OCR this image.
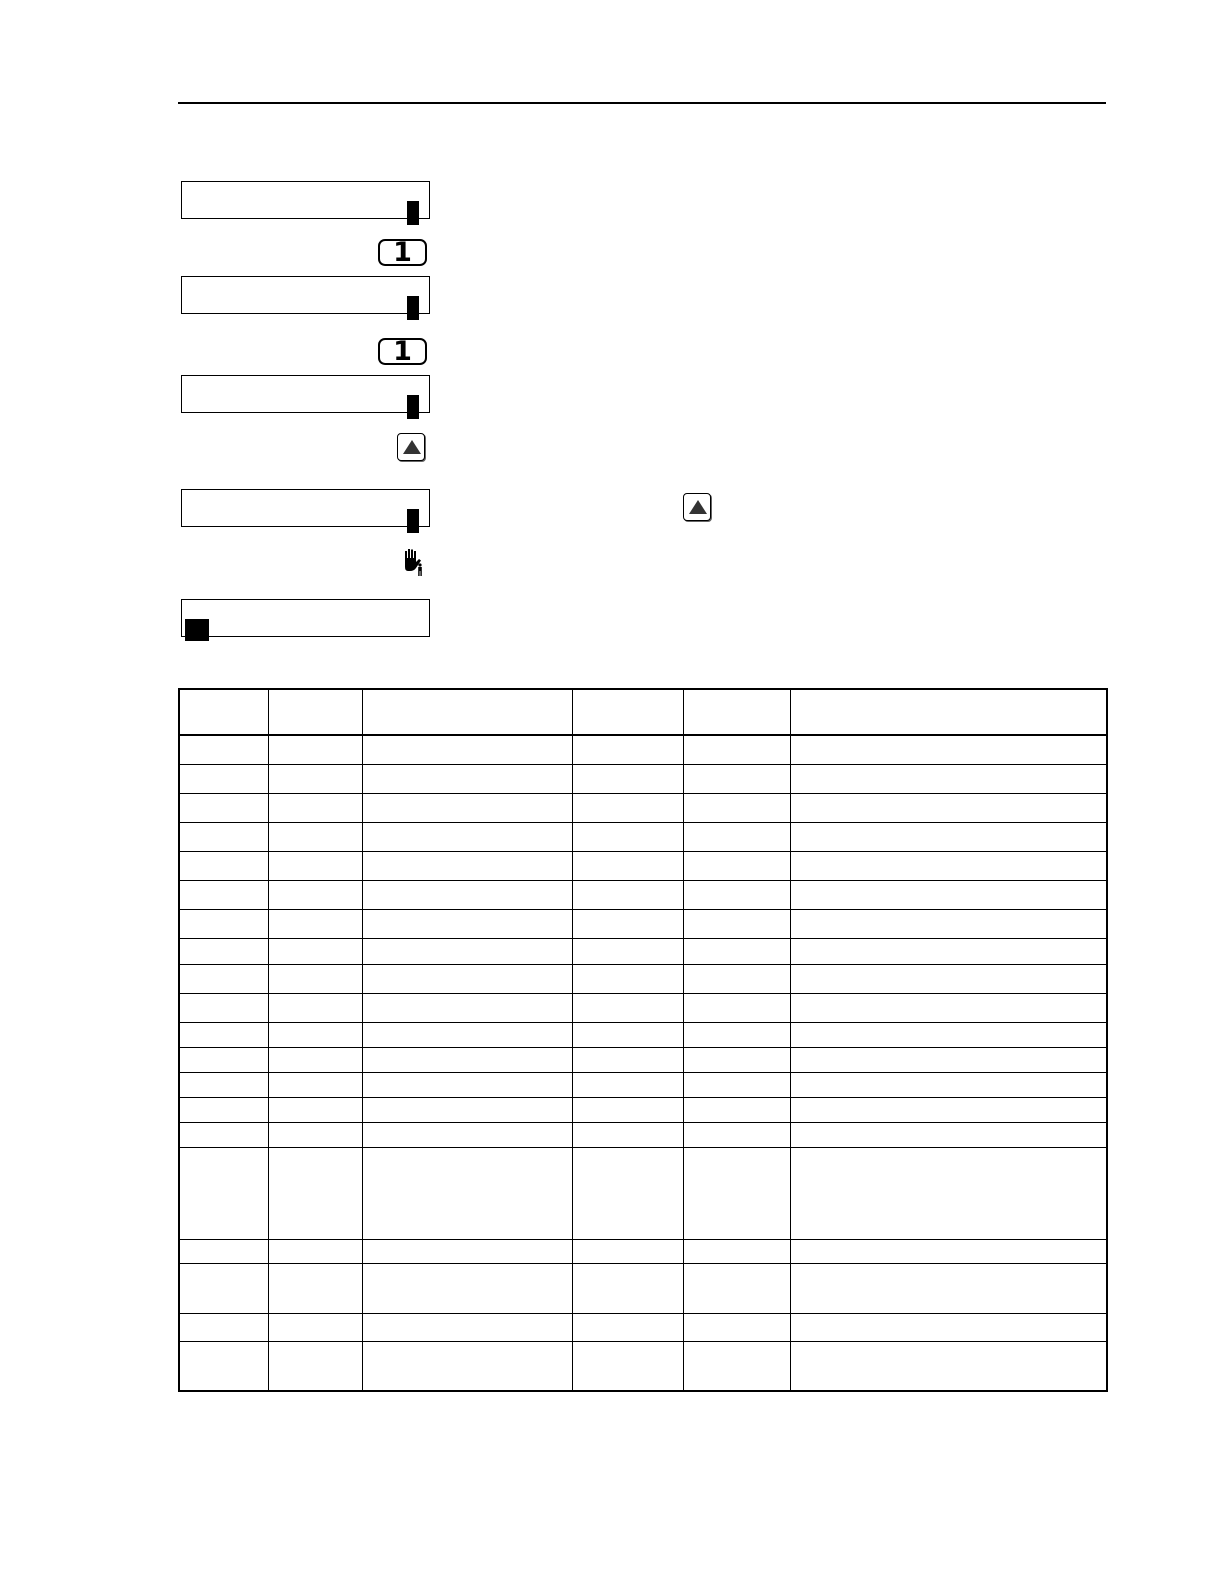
1
1
